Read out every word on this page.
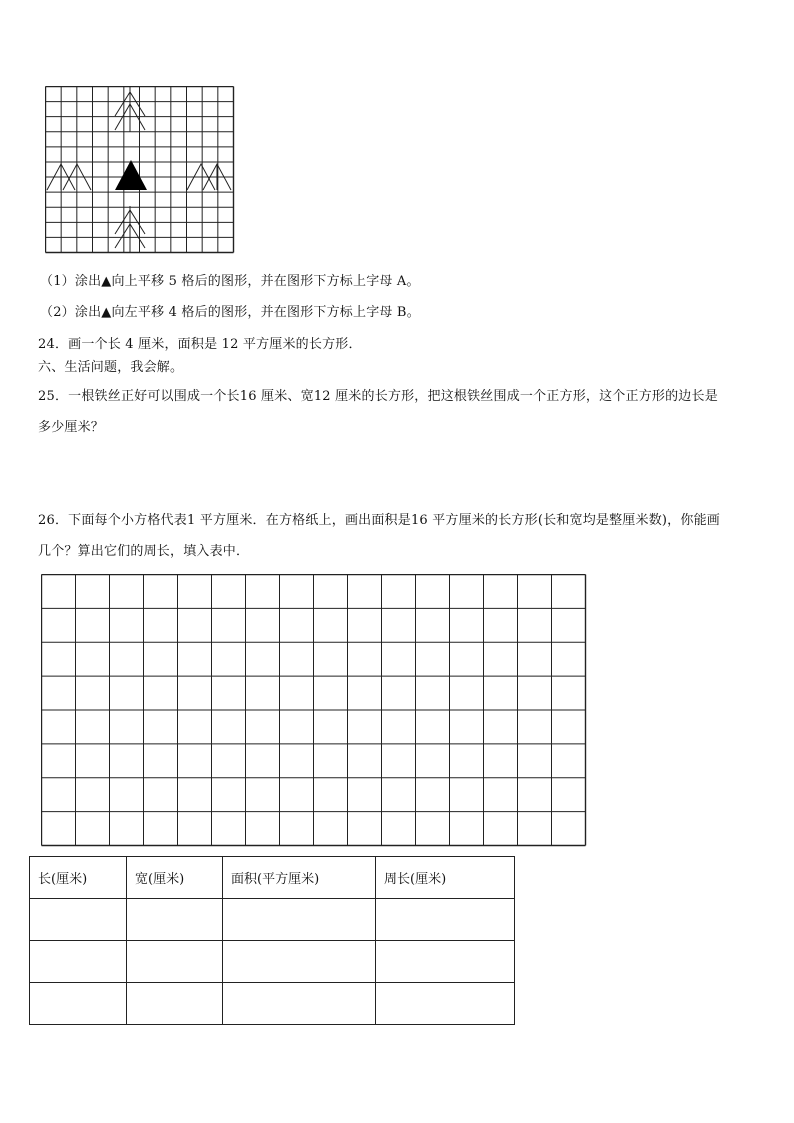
（1）涂出▲向上平移 5 格后的图形，并在图形下方标上字母 A。
（2）涂出▲向左平移 4 格后的图形，并在图形下方标上字母 B。
24．画一个长 4 厘米，面积是 12 平方厘米的长方形．
六、生活问题，我会解。
25．一根铁丝正好可以围成一个长16 厘米、宽12 厘米的长方形，把这根铁丝围成一个正方形，这个正方形的边长是
多少厘米？
26．下面每个小方格代表1 平方厘米．在方格纸上，画出面积是16 平方厘米的长方形(长和宽均是整厘米数)，你能画
几个？算出它们的周长，填入表中．
长(厘米)	宽(厘米)	面积(平方厘米)	周长(厘米)
